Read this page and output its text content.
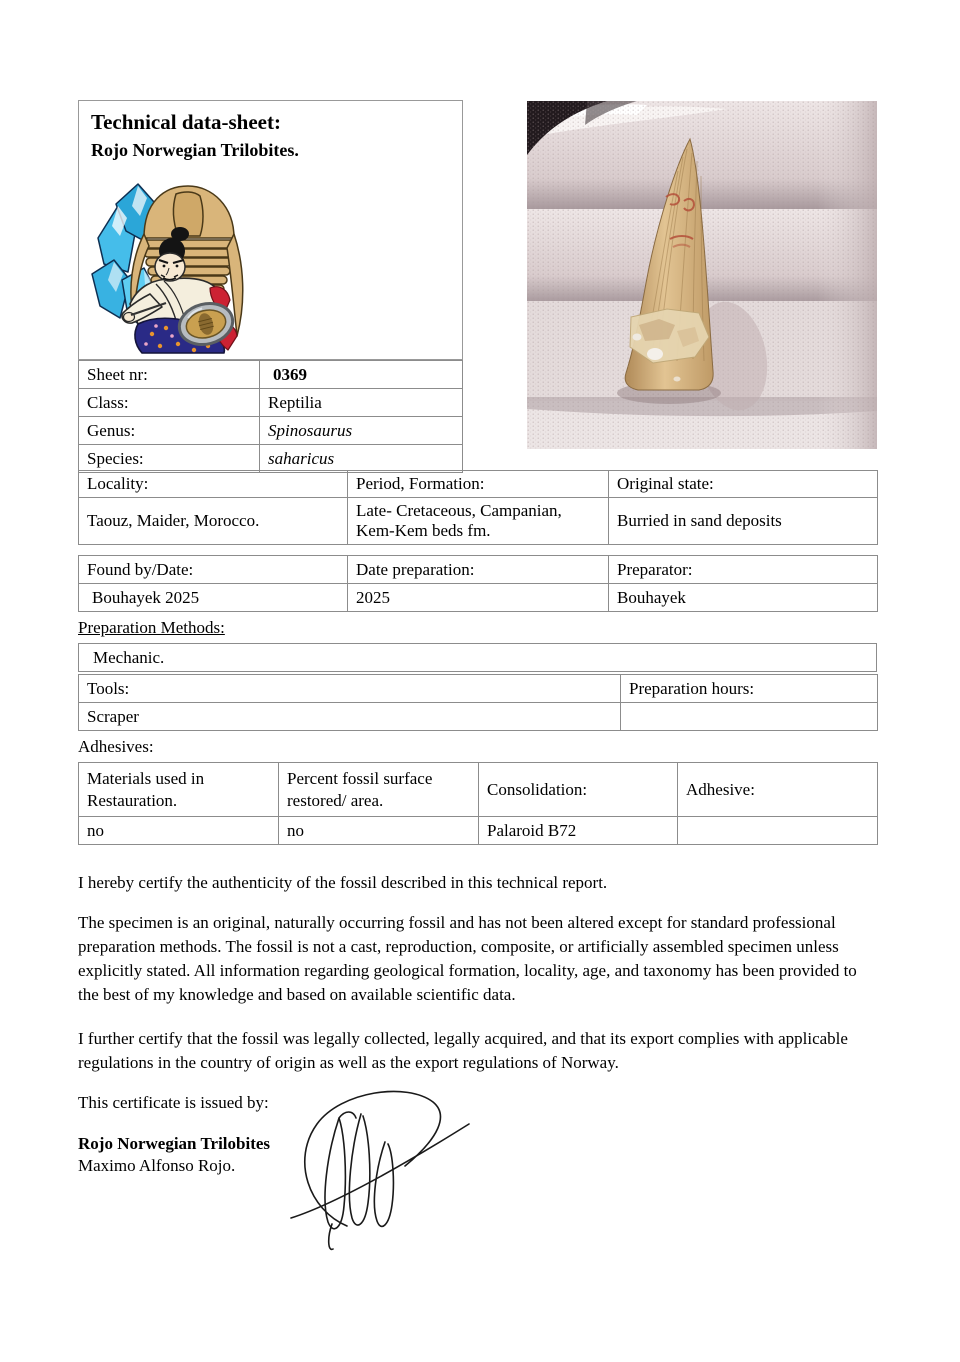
Technical data-sheet:
Rojo Norwegian Trilobites.
Sheet nr:	0369
Class:	Reptilia
Genus:	Spinosaurus
Species:	saharicus
Locality:	Period, Formation:	Original state:
Taouz, Maider, Morocco.	Late- Cretaceous, Campanian, Kem-Kem beds fm.	Burried in sand deposits
Found by/Date:	Date preparation:	Preparator:
Bouhayek 2025	2025	Bouhayek
Preparation Methods:
Mechanic.
Tools:	Preparation hours:
Scraper	
Adhesives:
Materials used in Restauration.	Percent fossil surface restored/ area.	Consolidation:	Adhesive:
no	no	Palaroid B72	

I hereby certify the authenticity of the fossil described in this technical report.

The specimen is an original, naturally occurring fossil and has not been altered except for standard professional preparation methods. The fossil is not a cast, reproduction, composite, or artificially assembled specimen unless explicitly stated. All information regarding geological formation, locality, age, and taxonomy has been provided to the best of my knowledge and based on available scientific data.

I further certify that the fossil was legally collected, legally acquired, and that its export complies with applicable regulations in the country of origin as well as the export regulations of Norway.

This certificate is issued by:

Rojo Norwegian Trilobites
Maximo Alfonso Rojo.
